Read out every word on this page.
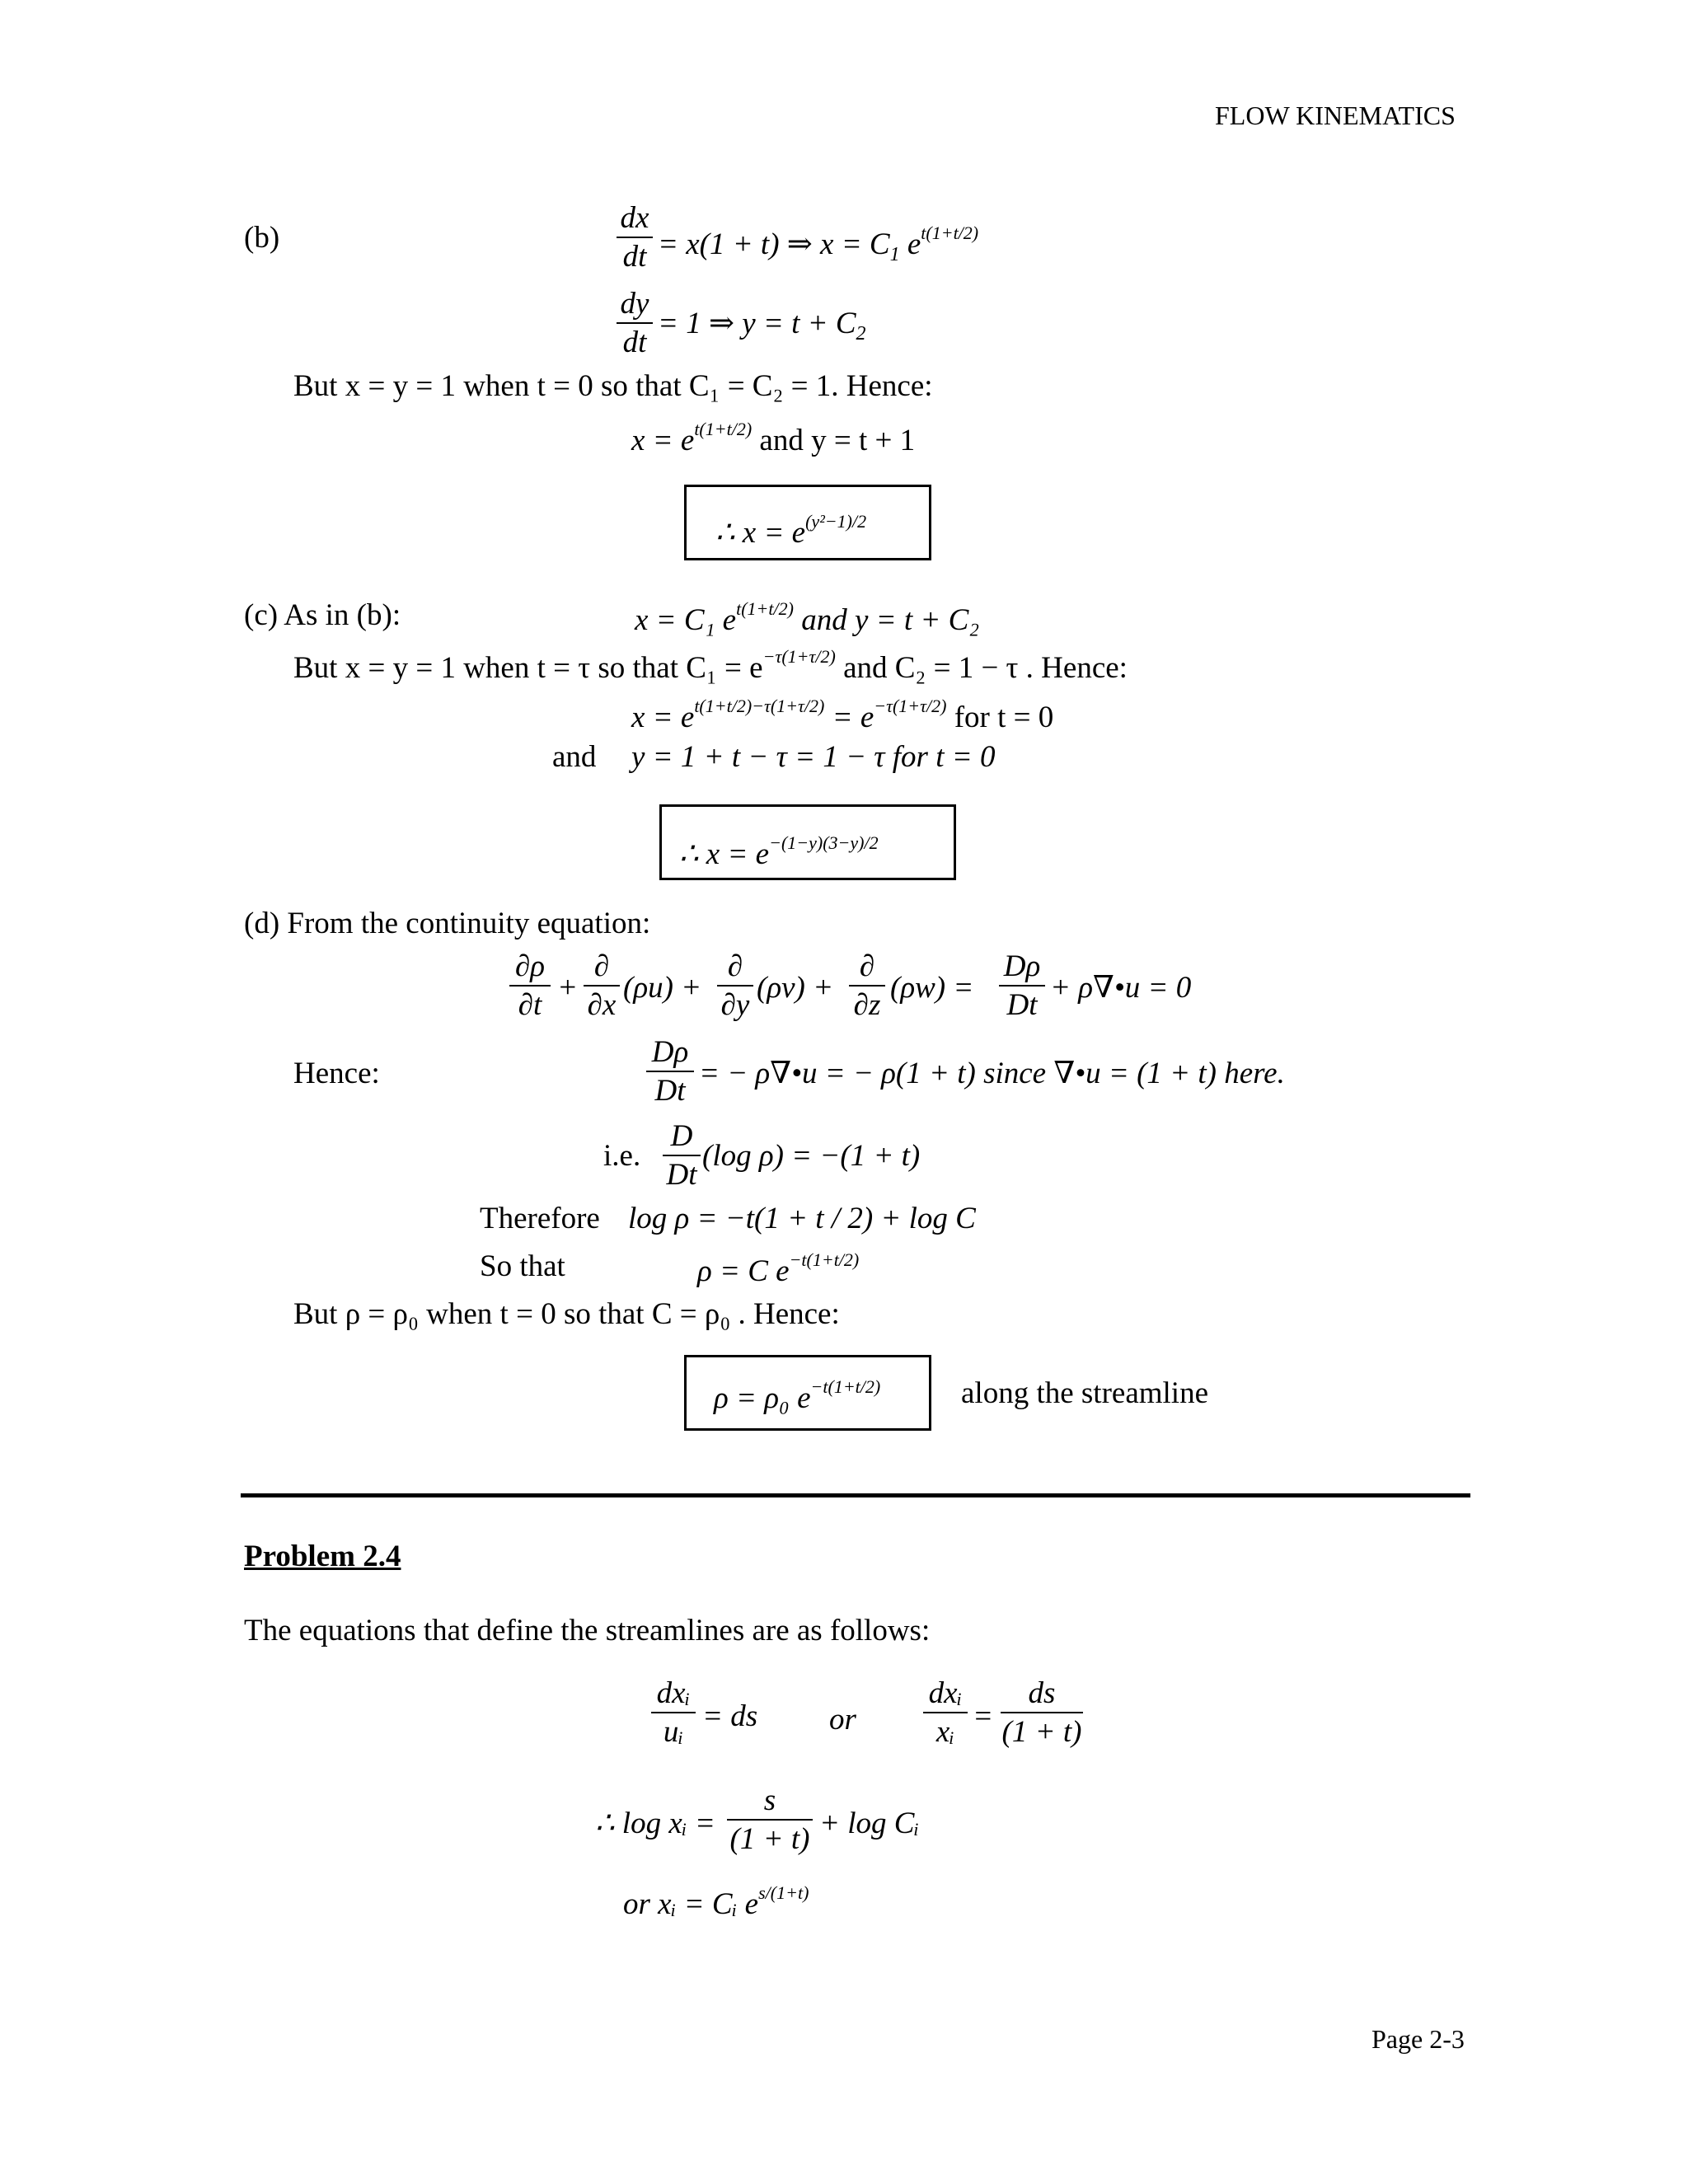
FLOW KINEMATICS
(b)
dx
dt = x(1 + t) ⇒ $x = C_1$ $e^{t(1+t/2)}$
dy
dt
= 1 ⇒ $y = t + C_2$
But x = y = 1 when t = 0 so that C₁ = C₂ = 1. Hence:
$x = e^{t(1+t/2)}$ and y = t + 1
∴ $x = e^{(y^2-1)/2}$
(c) As in (b):	x = C₁ $e^{t(1+t/2)}$ and y = t + C₂
But x = y = 1 when t = τ so that $C_1 = e^{-\tau(1+\tau/2)}$ and C₂ = 1 − τ . Hence:
$x = e^{t(1+t/2)-\tau(1+\tau/2)} = e^{-\tau(1+\tau/2)}$ for t = 0
and y = 1 + t − τ = 1 − τ for t = 0
∴ $x = e^{-(1-y)(3-y)/2}$
(d) From the continuity equation:
∂ρ
∂t
+
∂
∂x
(ρu) +
∂
∂y
(ρv) +
∂
∂z
(ρw) =
Dρ
Dt
+ ρ∇•u = 0
Hence:
Dρ
Dt
= − ρ∇•u = − ρ(1 + t) since ∇•u = (1 + t) here.
i.e.
D
Dt
(log ρ) = −(1 + t)
Therefore log ρ = −t(1 + t / 2) + log C
So that	ρ = C $e^{-t(1+t/2)}$
But ρ = ρ₀ when t = 0 so that C = ρ₀ . Hence:
ρ = ρ₀ $e^{-t(1+t/2)}$	along the streamline
Problem 2.4
The equations that define the streamlines are as follows:
dxᵢ
uᵢ = ds or
dxᵢ
xᵢ =
ds
(1 + t)
∴ log xᵢ =
s
(1 + t) + log Cᵢ
or xᵢ = Cᵢ $e^{s/(1+t)}$
Page 2-3
